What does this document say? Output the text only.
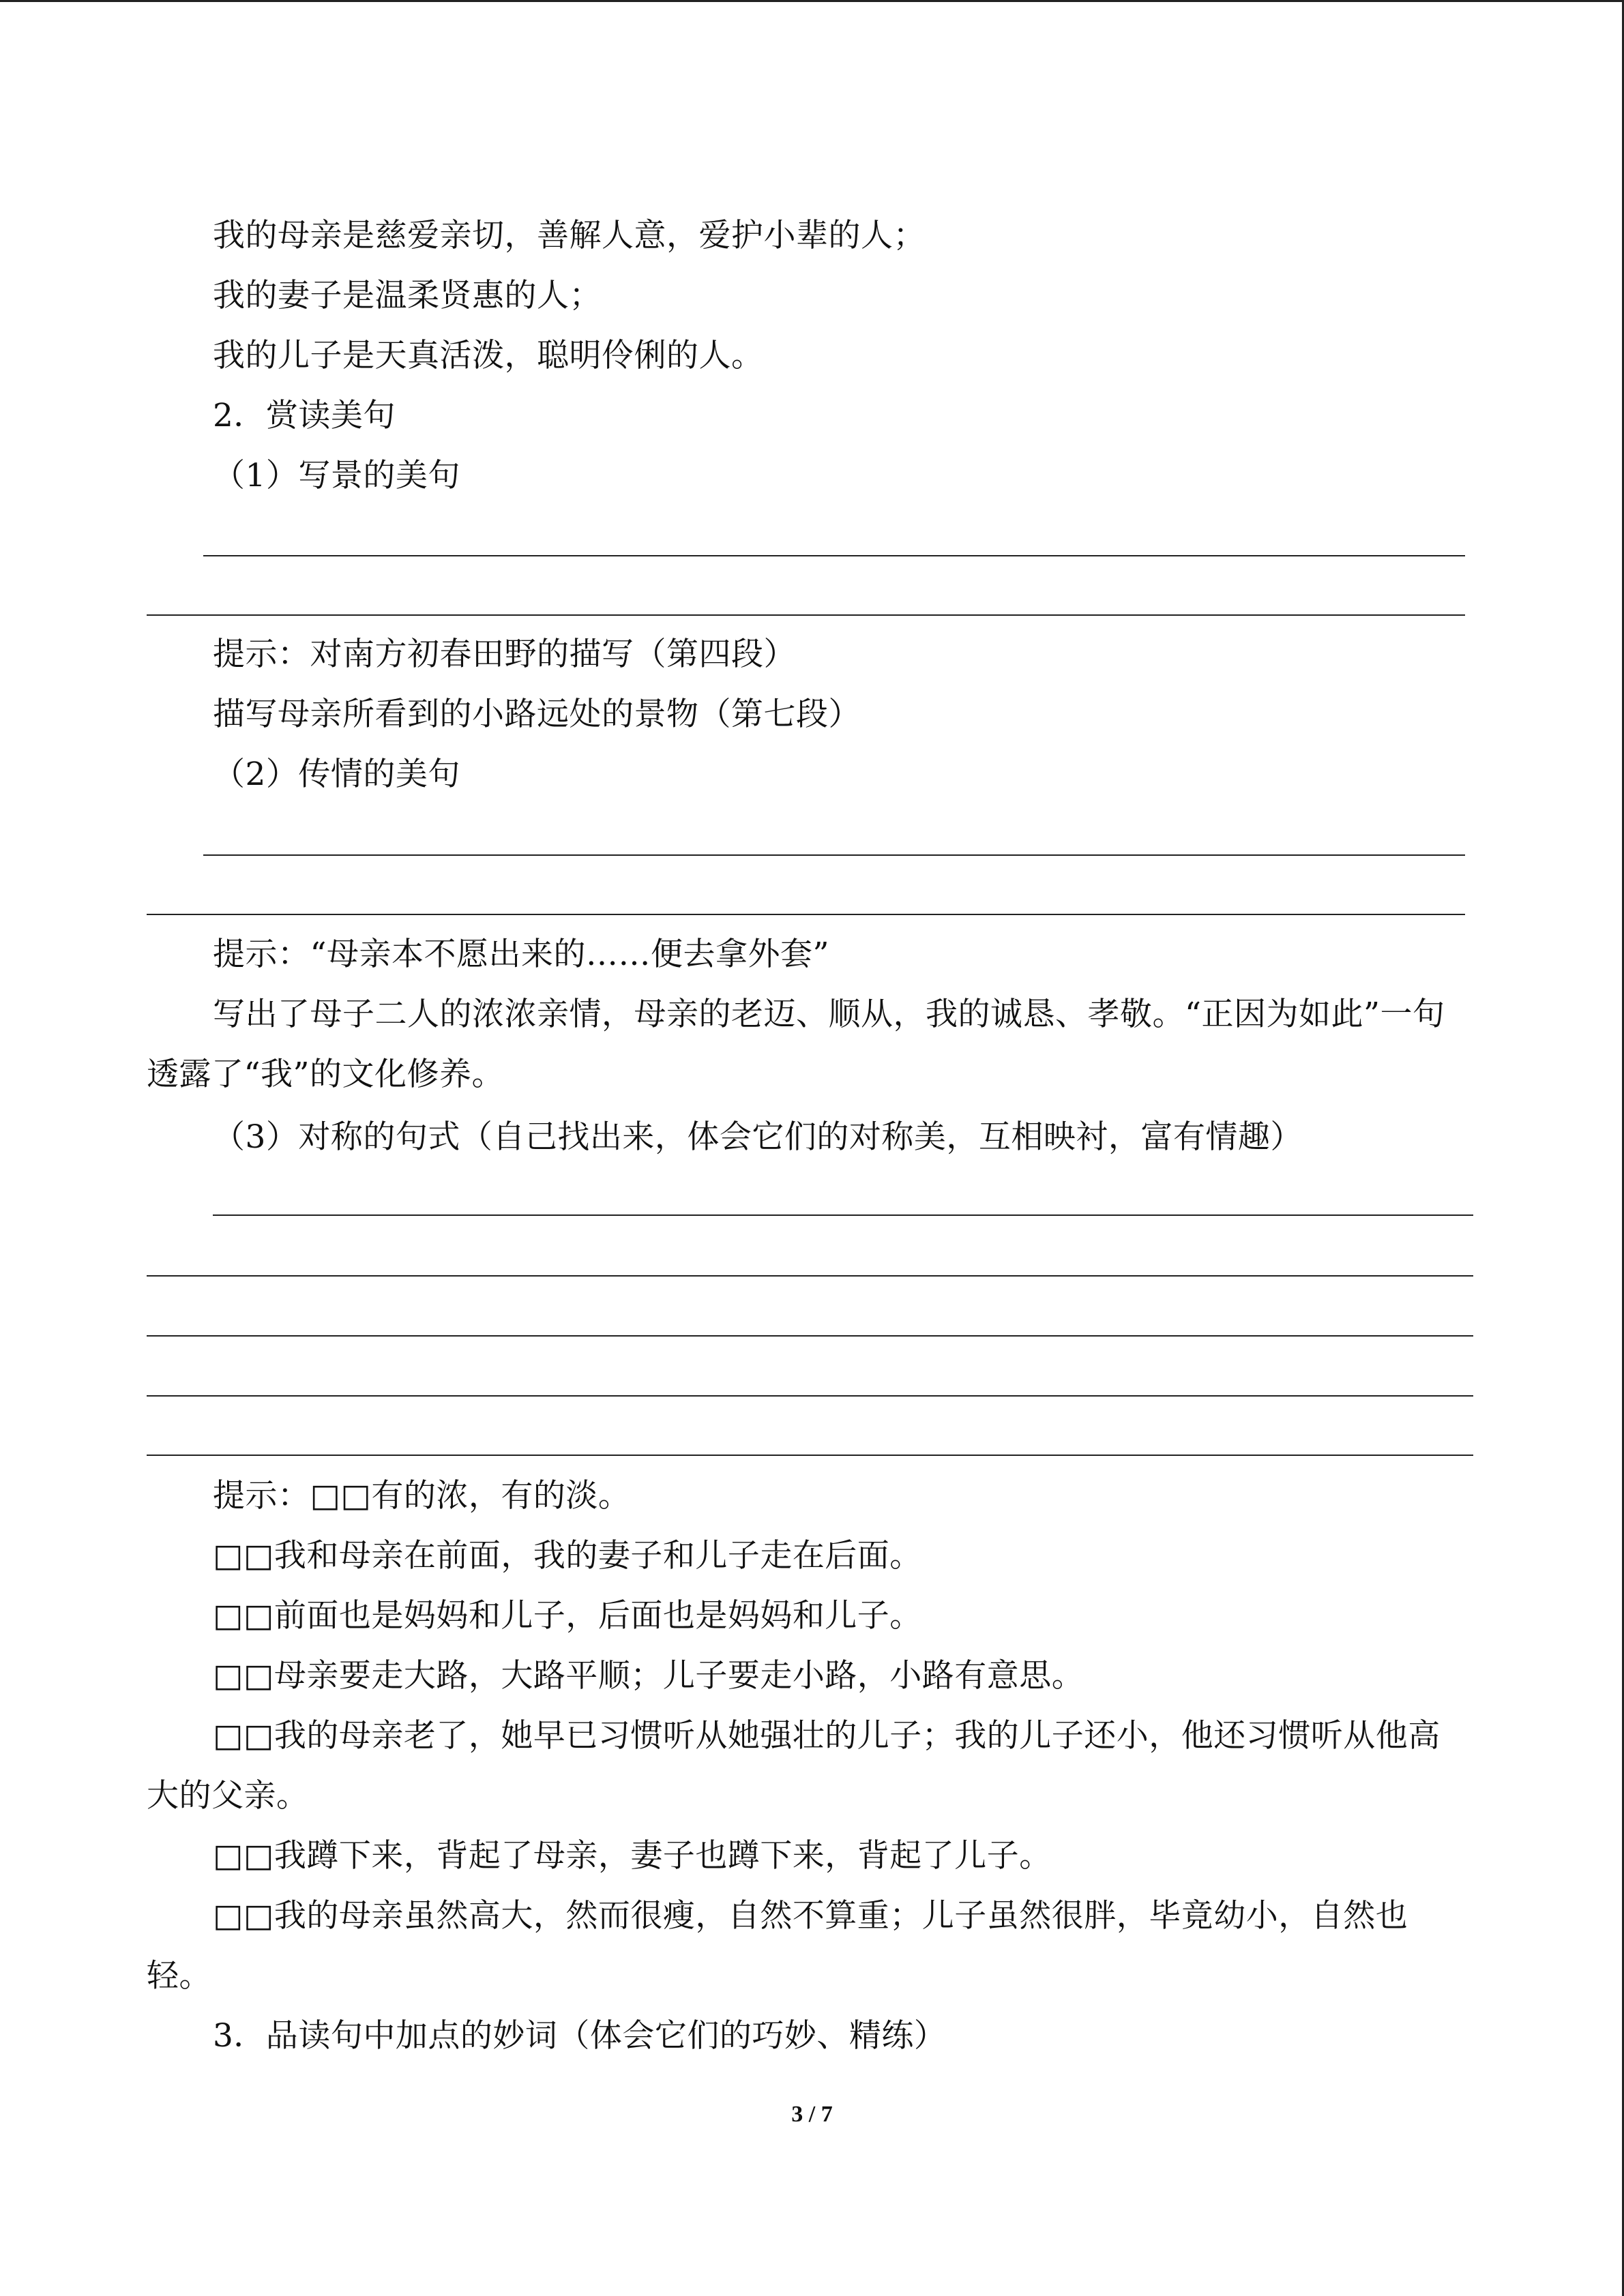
我的母亲是慈爱亲切，善解人意，爱护小辈的人；
我的妻子是温柔贤惠的人；
我的儿子是天真活泼，聪明伶俐的人。
2．赏读美句
（1）写景的美句
提示：对南方初春田野的描写（第四段）
描写母亲所看到的小路远处的景物（第七段）
（2）传情的美句
提示：“母亲本不愿出来的……便去拿外套”
写出了母子二人的浓浓亲情，母亲的老迈、顺从，我的诚恳、孝敬。“正因为如此”一句
透露了“我”的文化修养。
（3）对称的句式（自己找出来，体会它们的对称美，互相映衬，富有情趣）
提示：□□有的浓，有的淡。
□□我和母亲在前面，我的妻子和儿子走在后面。
□□前面也是妈妈和儿子，后面也是妈妈和儿子。
□□母亲要走大路，大路平顺；儿子要走小路，小路有意思。
□□我的母亲老了，她早已习惯听从她强壮的儿子；我的儿子还小，他还习惯听从他高
大的父亲。
□□我蹲下来，背起了母亲，妻子也蹲下来，背起了儿子。
□□我的母亲虽然高大，然而很瘦，自然不算重；儿子虽然很胖，毕竟幼小，自然也
轻。
3．品读句中加点的妙词（体会它们的巧妙、精练）
3 / 7
